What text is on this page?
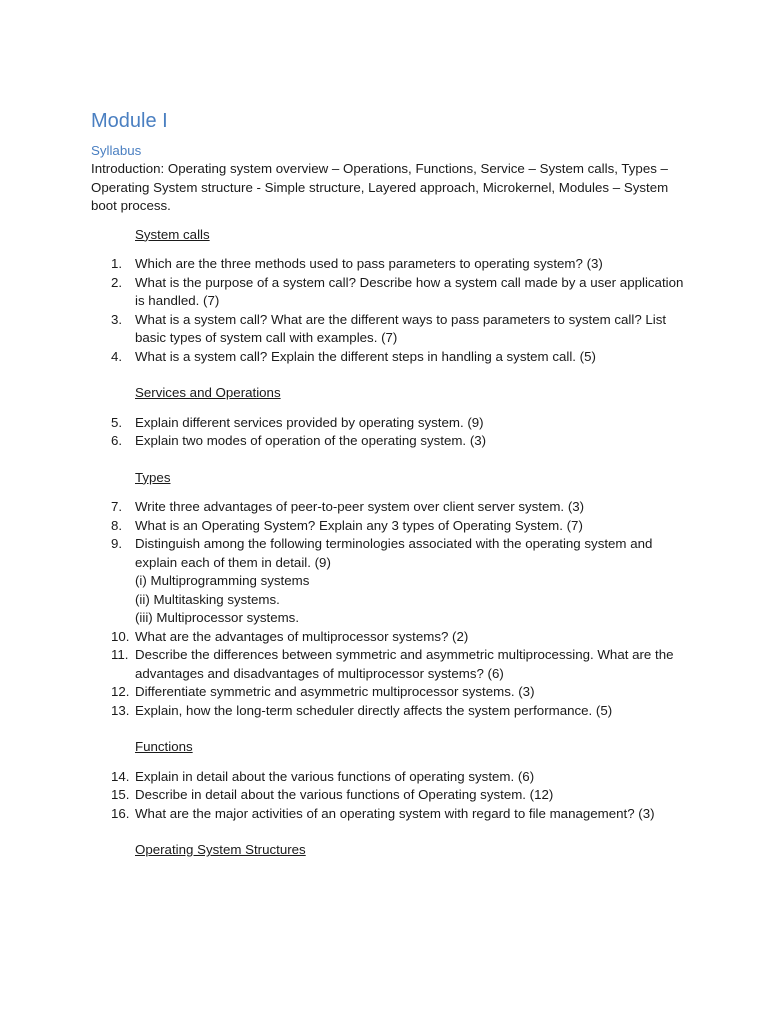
Module I
Syllabus

Introduction: Operating system overview – Operations, Functions, Service – System calls, Types – Operating System structure - Simple structure, Layered approach, Microkernel, Modules – System boot process.

System calls
1. Which are the three methods used to pass parameters to operating system? (3)
2. What is the purpose of a system call? Describe how a system call made by a user application is handled. (7)
3. What is a system call? What are the different ways to pass parameters to system call? List basic types of system call with examples. (7)
4. What is a system call? Explain the different steps in handling a system call. (5)
Services and Operations
5. Explain different services provided by operating system. (9)
6. Explain two modes of operation of the operating system. (3)
Types
7. Write three advantages of peer-to-peer system over client server system. (3)
8. What is an Operating System? Explain any 3 types of Operating System. (7)
9. Distinguish among the following terminologies associated with the operating system and explain each of them in detail. (9)
(i) Multiprogramming systems
(ii) Multitasking systems.
(iii) Multiprocessor systems.
10. What are the advantages of multiprocessor systems? (2)
11. Describe the differences between symmetric and asymmetric multiprocessing. What are the advantages and disadvantages of multiprocessor systems? (6)
12. Differentiate symmetric and asymmetric multiprocessor systems. (3)
13. Explain, how the long-term scheduler directly affects the system performance. (5)
Functions
14. Explain in detail about the various functions of operating system. (6)
15. Describe in detail about the various functions of Operating system. (12)
16. What are the major activities of an operating system with regard to file management? (3)
Operating System Structures
